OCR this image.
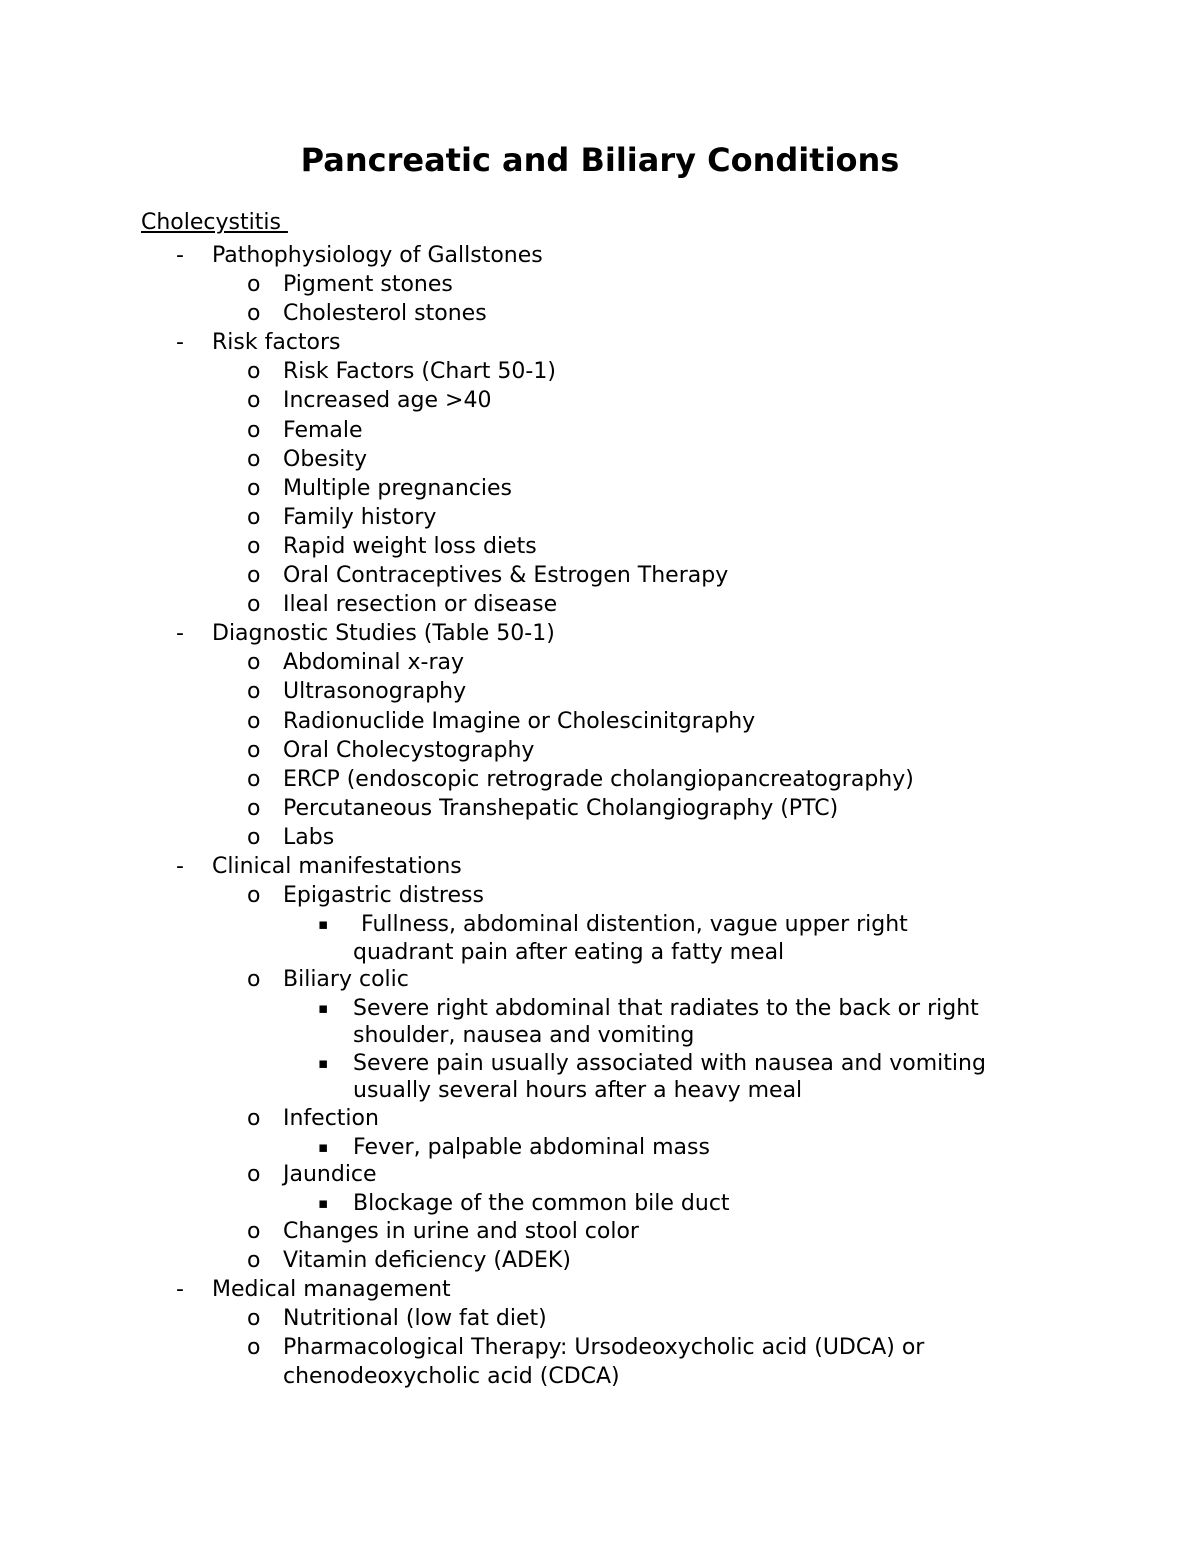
Pancreatic and Biliary Conditions
Cholecystitis

-

Pathophysiology of Gallstones

o

Pigment stones

o

Cholesterol stones

-

Risk factors

o Risk Factors (Chart 50-1)
o Increased age >40
o Female
o Obesity
o Multiple pregnancies
o Family history
o Rapid weight loss diets
o Oral Contraceptives & Estrogen Therapy
o Ileal resection or disease

-

Diagnostic Studies (Table 50-1)

o Abdominal x-ray
o Ultrasonography
o Radionuclide Imagine or Cholescinitgraphy
o Oral Cholecystography
o ERCP (endoscopic retrograde cholangiopancreatography)
o Percutaneous Transhepatic Cholangiography (PTC)
o Labs

-

Clinical manifestations

o Epigastric distress
▪ Fullness, abdominal distention, vague upper right
quadrant pain after eating a fatty meal
o Biliary colic
▪ Severe right abdominal that radiates to the back or right
shoulder, nausea and vomiting
▪ Severe pain usually associated with nausea and vomiting
usually several hours after a heavy meal
o Infection
▪ Fever, palpable abdominal mass
o Jaundice
▪ Blockage of the common bile duct
o Changes in urine and stool color
o Vitamin deficiency (ADEK)

-

Medical management

o Nutritional (low fat diet)
o Pharmacological Therapy: Ursodeoxycholic acid (UDCA) or
chenodeoxycholic acid (CDCA)
